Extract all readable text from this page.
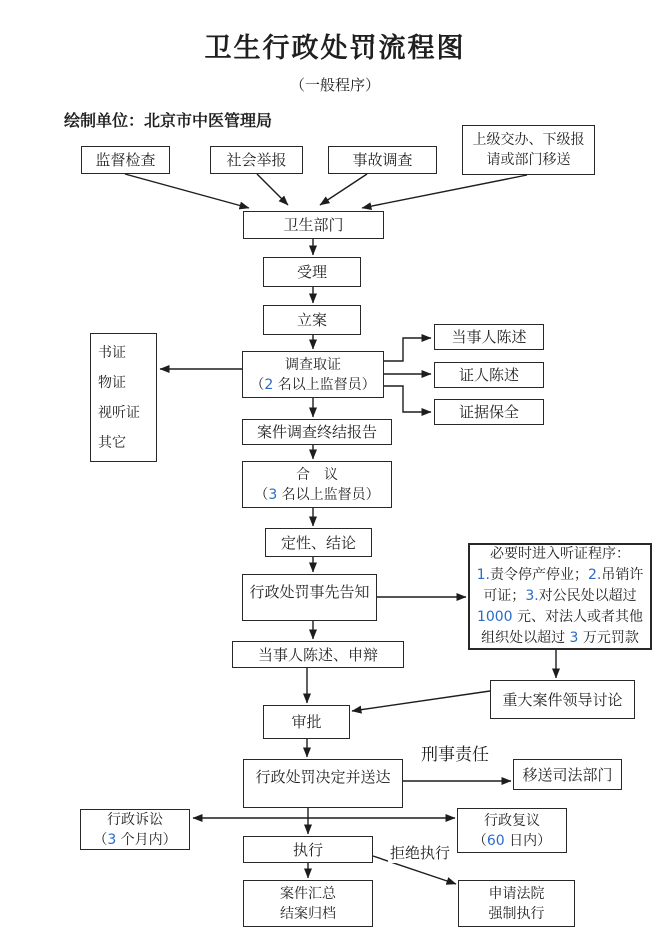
卫生行政处罚流程图
（一般程序）
绘制单位：北京市中医管理局
监督检查	社会举报	事故调查
上级交办、下级报
请或部门移送
卫生部门
受理
立案
调查取证
（2 名以上监督员）
书证
物证
视听证
其它
当事人陈述
证人陈述
证据保全
案件调查终结报告
合　议
（3 名以上监督员）
定性、结论
行政处罚事先告知
必要时进入听证程序：
1.责令停产停业；2.吊销许
可证；3.对公民处以超过
1000 元、对法人或者其他
组织处以超过 3 万元罚款
当事人陈述、申辩
重大案件领导讨论
审批
行政处罚决定并送达	移送司法部门
行政诉讼
（3 个月内）
行政复议
（60 日内）
执行
案件汇总
结案归档
申请法院
强制执行
刑事责任
拒绝执行
